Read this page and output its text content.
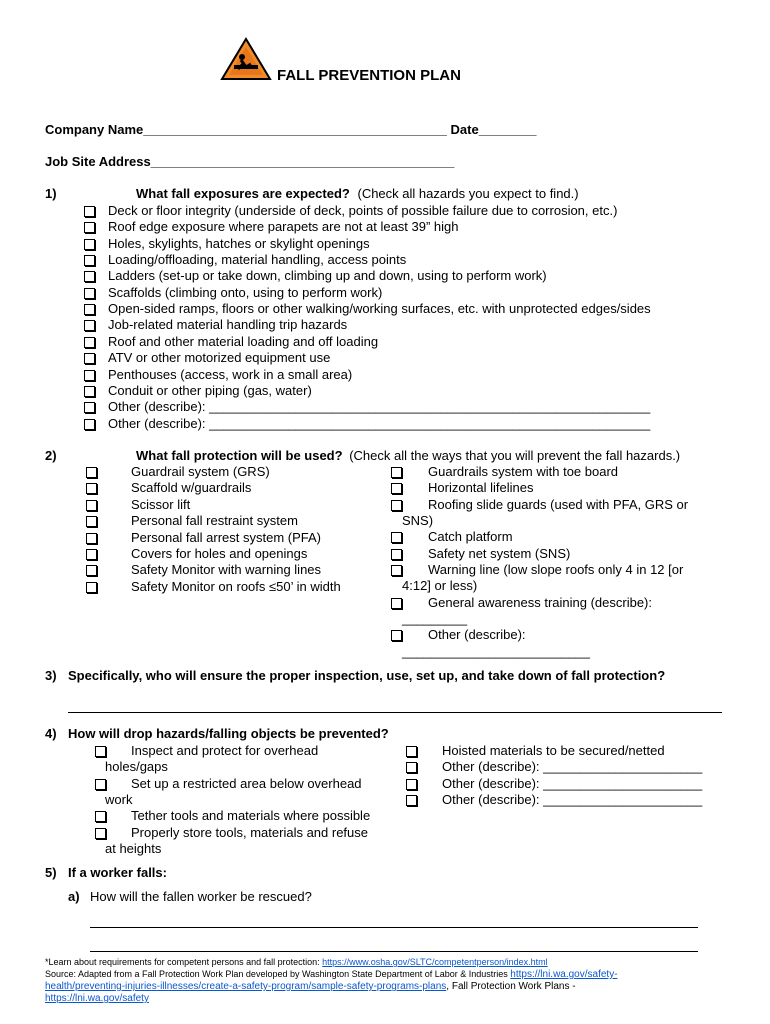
FALL PREVENTION PLAN
Company Name__________________________________________ Date________
Job Site Address__________________________________________
1)	What fall exposures are expected? (Check all hazards you expect to find.)
Deck or floor integrity (underside of deck, points of possible failure due to corrosion, etc.)
Roof edge exposure where parapets are not at least 39” high
Holes, skylights, hatches or skylight openings
Loading/offloading, material handling, access points
Ladders (set-up or take down, climbing up and down, using to perform work)
Scaffolds (climbing onto, using to perform work)
Open-sided ramps, floors or other walking/working surfaces, etc. with unprotected edges/sides
Job-related material handling trip hazards
Roof and other material loading and off loading
ATV or other motorized equipment use
Penthouses (access, work in a small area)
Conduit or other piping (gas, water)
Other (describe): _____________________________________________________________
Other (describe): _____________________________________________________________
2)	What fall protection will be used? (Check all the ways that you will prevent the fall hazards.)
Guardrail system (GRS)
Scaffold w/guardrails
Scissor lift
Personal fall restraint system
Personal fall arrest system (PFA)
Covers for holes and openings
Safety Monitor with warning lines
Safety Monitor on roofs ≤50’ in width
Guardrails system with toe board
Horizontal lifelines
Roofing slide guards (used with PFA, GRS or
SNS)
Catch platform
Safety net system (SNS)
Warning line (low slope roofs only 4 in 12 [or
4:12] or less)
General awareness training (describe):
_________
Other (describe):
__________________________
3) Specifically, who will ensure the proper inspection, use, set up, and take down of fall protection?
4) How will drop hazards/falling objects be prevented?
Inspect and protect for overhead
holes/gaps
Set up a restricted area below overhead
work
Tether tools and materials where possible
Properly store tools, materials and refuse
at heights
Hoisted materials to be secured/netted
Other (describe): ______________________
Other (describe): ______________________
Other (describe): ______________________
5) If a worker falls:
a) How will the fallen worker be rescued?
*Learn about requirements for competent persons and fall protection: https://www.osha.gov/SLTC/competentperson/index.html
Source: Adapted from a Fall Protection Work Plan developed by Washington State Department of Labor & Industries https://lni.wa.gov/safety-
health/preventing-injuries-illnesses/create-a-safety-program/sample-safety-programs-plans, Fall Protection Work Plans -
https://lni.wa.gov/safety
